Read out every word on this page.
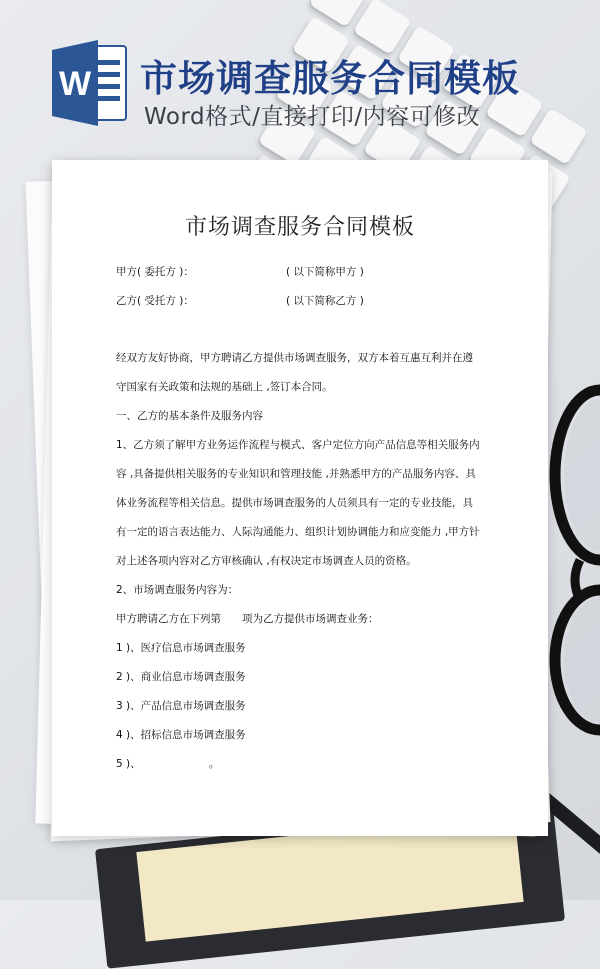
W 市场调查服务合同模板
Word格式/直接打印/内容可修改
市场调查服务合同模板
甲方( 委托方 )：	( 以下简称甲方 )
乙方( 受托方 )：	( 以下简称乙方 )
经双方友好协商，甲方聘请乙方提供市场调查服务，双方本着互惠互利并在遵
守国家有关政策和法规的基础上 ,签订本合同。
一、乙方的基本条件及服务内容
1、乙方须了解甲方业务运作流程与模式、客户定位方向产品信息等相关服务内
容 ,具备提供相关服务的专业知识和管理技能 ,并熟悉甲方的产品服务内容、具
体业务流程等相关信息。提供市场调查服务的人员须具有一定的专业技能，具
有一定的语言表达能力、人际沟通能力、组织计划协调能力和应变能力 ,甲方针
对上述各项内容对乙方审核确认 ,有权决定市场调查人员的资格。
2、市场调查服务内容为：
甲方聘请乙方在下列第　　项为乙方提供市场调查业务：
1 )、医疗信息市场调查服务
2 )、商业信息市场调查服务
3 )、产品信息市场调查服务
4 )、招标信息市场调查服务
5 )、　　　　　　　。
